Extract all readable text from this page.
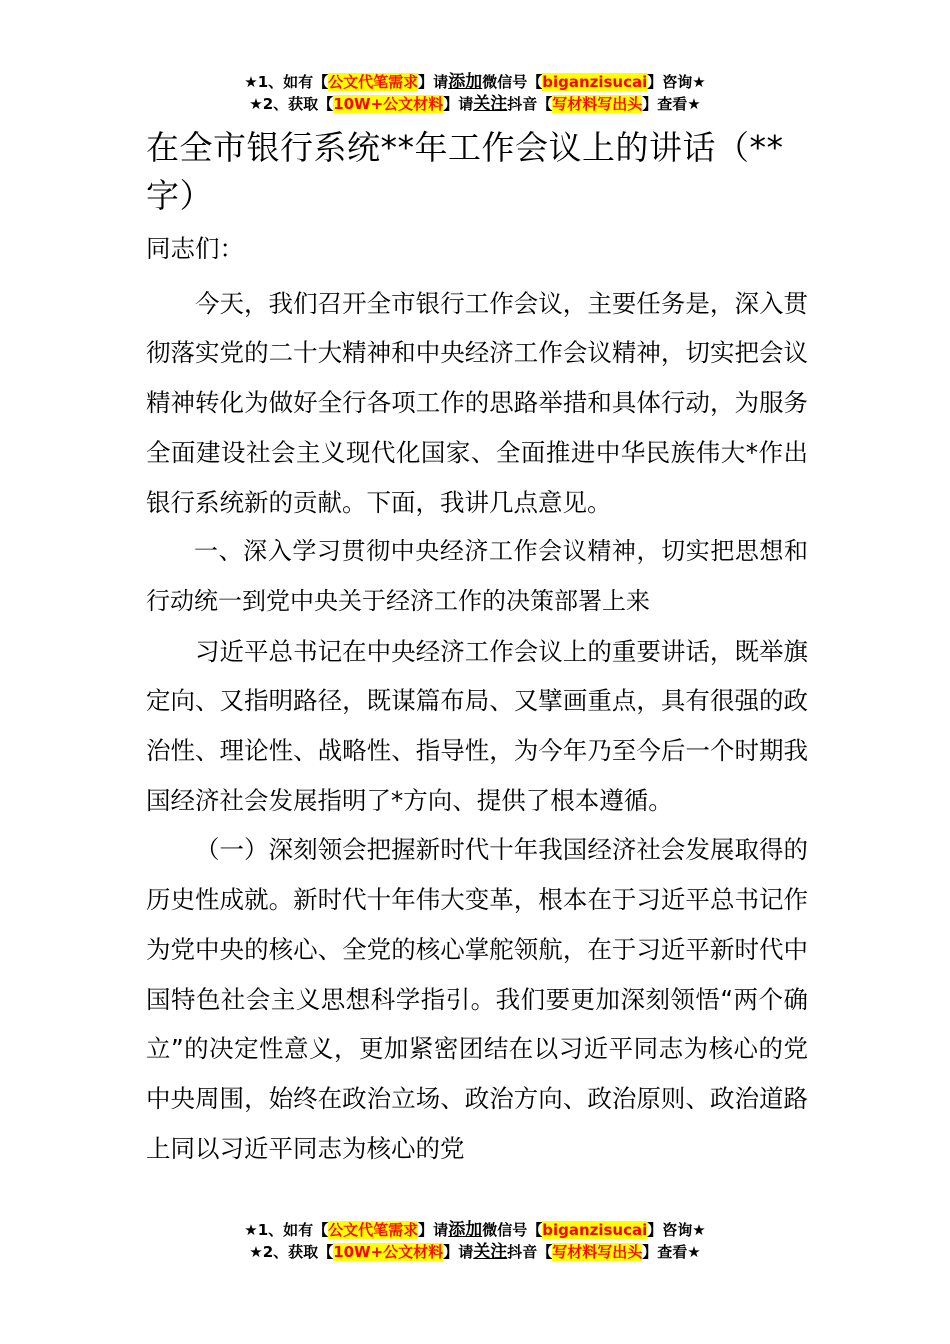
★1、如有【公文代笔需求】请添加微信号【biganzisucai】咨询★
★2、获取【10W+公文材料】请关注抖音【写材料写出头】查看★
在全市银行系统**年工作会议上的讲话（**字）

同志们：

今天，我们召开全市银行工作会议，主要任务是，深入贯彻落实党的二十大精神和中央经济工作会议精神，切实把会议精神转化为做好全行各项工作的思路举措和具体行动，为服务全面建设社会主义现代化国家、全面推进中华民族伟大*作出银行系统新的贡献。下面，我讲几点意见。

一、深入学习贯彻中央经济工作会议精神，切实把思想和行动统一到党中央关于经济工作的决策部署上来

习近平总书记在中央经济工作会议上的重要讲话，既举旗定向、又指明路径，既谋篇布局、又擘画重点，具有很强的政治性、理论性、战略性、指导性，为今年乃至今后一个时期我国经济社会发展指明了*方向、提供了根本遵循。

（一）深刻领会把握新时代十年我国经济社会发展取得的历史性成就。新时代十年伟大变革，根本在于习近平总书记作为党中央的核心、全党的核心掌舵领航，在于习近平新时代中国特色社会主义思想科学指引。我们要更加深刻领悟“两个确立”的决定性意义，更加紧密团结在以习近平同志为核心的党中央周围，始终在政治立场、政治方向、政治原则、政治道路上同以习近平同志为核心的党

★1、如有【公文代笔需求】请添加微信号【biganzisucai】咨询★
★2、获取【10W+公文材料】请关注抖音【写材料写出头】查看★
